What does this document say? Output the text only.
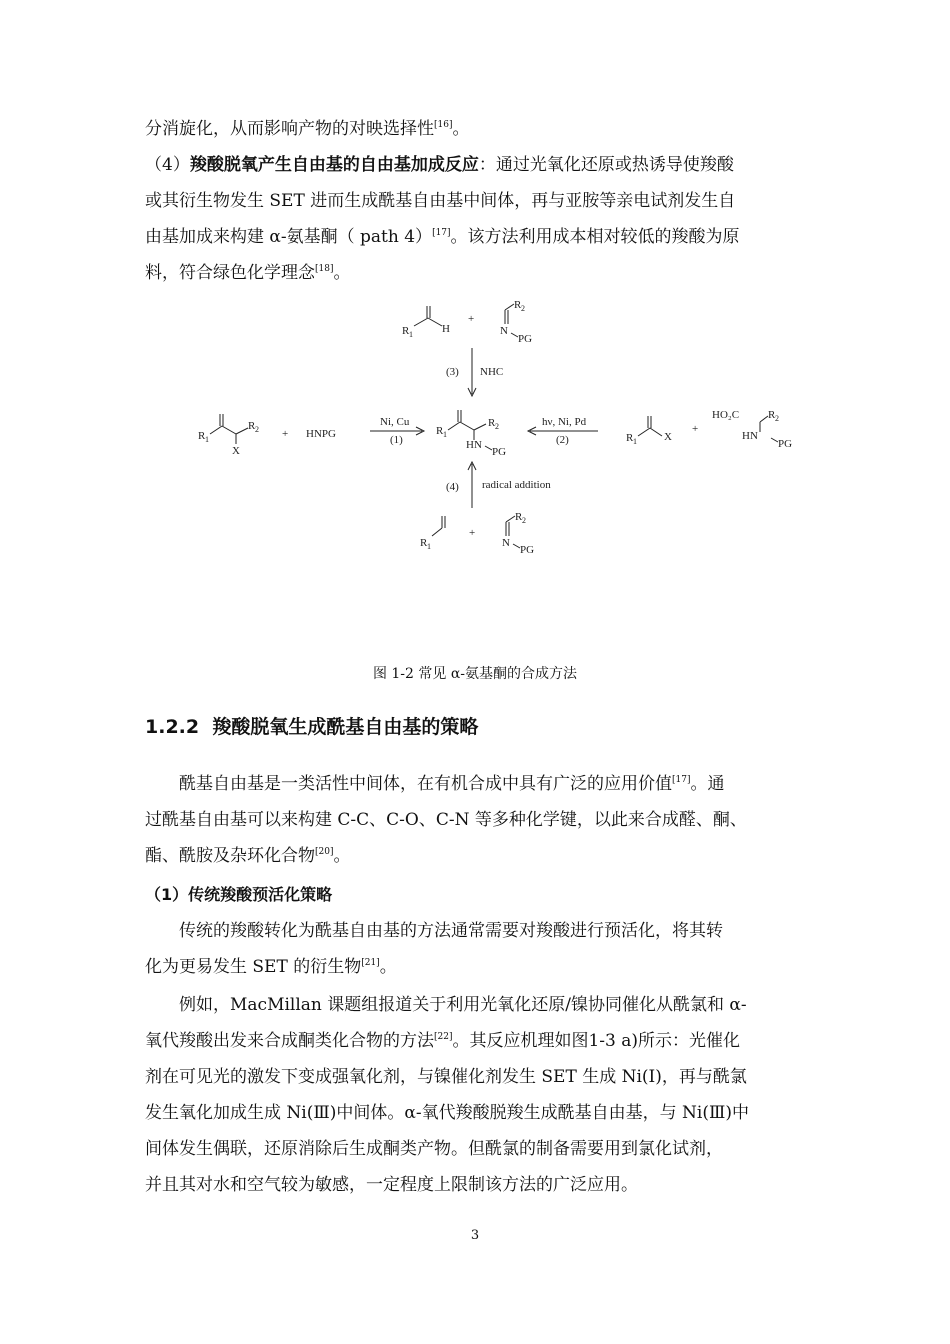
分消旋化，从而影响产物的对映选择性[16]。
（4）羧酸脱氧产生自由基的自由基加成反应：通过光氧化还原或热诱导使羧酸
或其衍生物发生 SET 进而生成酰基自由基中间体，再与亚胺等亲电试剂发生自
由基加成来构建 α-氨基酮（ path 4）[17]。该方法利用成本相对较低的羧酸为原
料，符合绿色化学理念[18]。
R 1	H
+
R 2
N
PG
(3) NHC
R 1
R 2
X
+ HNPG
Ni, Cu
(1)
R 1
R 2
HN
PG
hν, Ni, Pd
(2)	R 1 X
+
HO₂C	R 2
HN
PG
(4) radical addition
R 1
+
R 2
N
PG
图 1-2 常见 α-氨基酮的合成方法
1.2.2 羧酸脱氧生成酰基自由基的策略
酰基自由基是一类活性中间体，在有机合成中具有广泛的应用价值[17]。通
过酰基自由基可以来构建 C-C、C-O、C-N 等多种化学键，以此来合成醛、酮、
酯、酰胺及杂环化合物[20]。
（1）传统羧酸预活化策略
传统的羧酸转化为酰基自由基的方法通常需要对羧酸进行预活化，将其转
化为更易发生 SET 的衍生物[21]。
例如，MacMillan 课题组报道关于利用光氧化还原/镍协同催化从酰氯和 α-
氧代羧酸出发来合成酮类化合物的方法[22]。其反应机理如图1-3 a)所示：光催化
剂在可见光的激发下变成强氧化剂，与镍催化剂发生 SET 生成 Ni(I)，再与酰氯
发生氧化加成生成 Ni(Ⅲ)中间体。α-氧代羧酸脱羧生成酰基自由基，与 Ni(Ⅲ)中
间体发生偶联，还原消除后生成酮类产物。但酰氯的制备需要用到氯化试剂，
并且其对水和空气较为敏感，一定程度上限制该方法的广泛应用。
3
